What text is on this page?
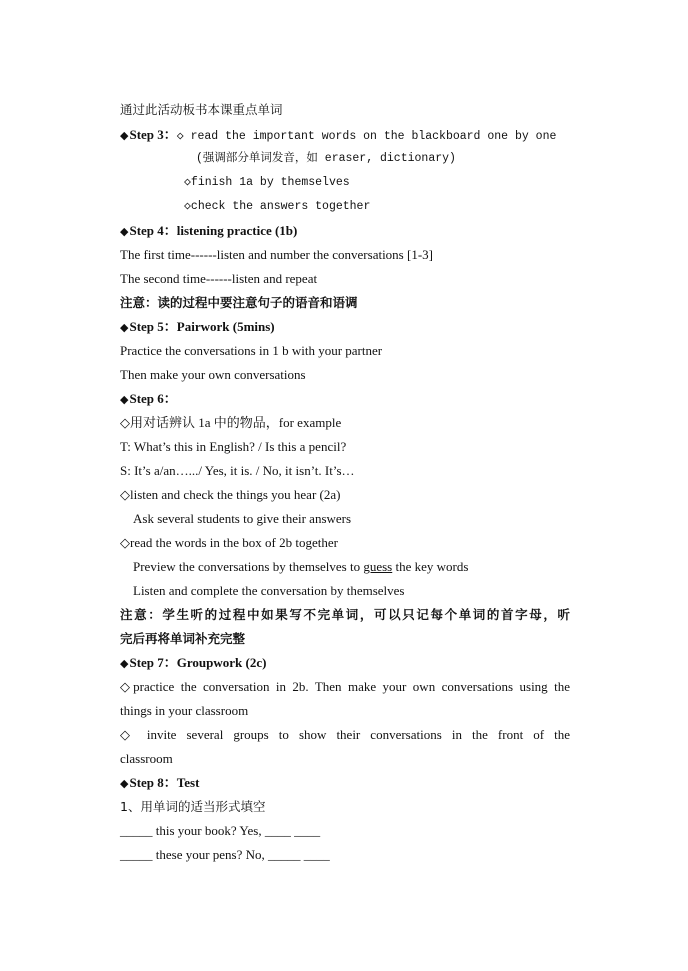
通过此活动板书本课重点单词
◆ Step 3：◇ read the important words on the blackboard one by one
(强调部分单词发音，如 eraser, dictionary)
◇finish 1a by themselves
◇check the answers together
◆ Step 4：listening practice (1b)
The first time------listen and number the conversations [1-3]
The second time------listen and repeat
注意：读的过程中要注意句子的语音和语调
◆ Step 5：Pairwork (5mins)
Practice the conversations in 1 b with your partner
Then make your own conversations
◆ Step 6：
◇用对话辨认 1a 中的物品，for example
T: What’s this in English? / Is this a pencil?
S: It’s a/an….../ Yes, it is. / No, it isn’t. It’s…
◇listen and check the things you hear (2a)
Ask several students to give their answers
◇read the words in the box of 2b together
Preview the conversations by themselves to guess the key words
Listen and complete the conversation by themselves
注意：学生听的过程中如果写不完单词，可以只记每个单词的首字母，听
完后再将单词补充完整
◆ Step 7：Groupwork (2c)
◇practice the conversation in 2b. Then make your own conversations using the
things in your classroom
◇ invite several groups to show their conversations in the front of the
classroom
◆ Step 8：Test
1、用单词的适当形式填空
_____ this your book? Yes, ____ ____
_____ these your pens? No, _____ ____
